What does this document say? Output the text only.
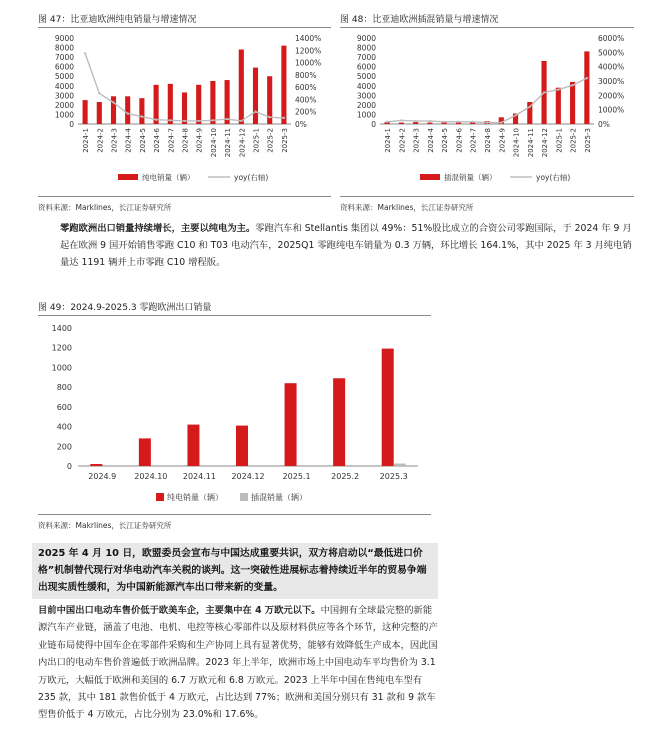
图 47：比亚迪欧洲纯电销量与增速情况
0
1000
2000
3000
4000
5000
6000
7000
8000
9000
0%
200%
400%
600%
800%
1000%
1200%
1400%
2024-1 2024-2 2024-3 2024-4 2024-5 2024-6 2024-7 2024-8 2024-9 2024-10 2024-11 2024-12 2025-1 2025-2 2025-3
纯电销量（辆）	yoy(右轴)
资料来源：Marklines，长江证券研究所
图 48：比亚迪欧洲插混销量与增速情况
0
1000
2000
3000
4000
5000
6000
7000
8000
9000
0%
1000%
2000%
3000%
4000%
5000%
6000%
2024-1 2024-2 2024-3 2024-4 2024-5 2024-6 2024-7 2024-8 2024-9 2024-10 2024-11 2024-12 2025-1 2025-2 2025-3
插混销量（辆）	yoy(右轴)
资料来源：Marklines，长江证券研究所
零跑欧洲出口销量持续增长，主要以纯电为主。零跑汽车和 Stellantis 集团以 49%：51%股比成立的合资公司零跑国际，于 2024 年 9 月起在欧洲 9 国开始销售零跑 C10 和 T03 电动汽车，2025Q1 零跑纯电车销量为 0.3 万辆，环比增长 164.1%，其中 2025 年 3 月纯电销量达 1191 辆并上市零跑 C10 增程版。
图 49：2024.9-2025.3 零跑欧洲出口销量
0
200
400
600
800
1000
1200
1400
2024.9 2024.10 2024.11 2024.12 2025.1	2025.2	2025.3
纯电销量（辆）	插混销量（辆）
资料来源：Makrlines，长江证券研究所
2025 年 4 月 10 日，欧盟委员会宣布与中国达成重要共识，双方将启动以“最低进口价格”机制替代现行对华电动汽车关税的谈判。这一突破性进展标志着持续近半年的贸易争端出现实质性缓和，为中国新能源汽车出口带来新的变量。
目前中国出口电动车售价低于欧美车企，主要集中在 4 万欧元以下。中国拥有全球最完整的新能源汽车产业链，涵盖了电池、电机、电控等核心零部件以及原材料供应等各个环节，这种完整的产业链布局使得中国车企在零部件采购和生产协同上具有显著优势，能够有效降低生产成本，因此国内出口的电动车售价普遍低于欧洲品牌。2023 年上半年，欧洲市场上中国电动车平均售价为 3.1 万欧元，大幅低于欧洲和美国的 6.7 万欧元和 6.8 万欧元。2023 上半年中国在售纯电车型有 235 款，其中 181 款售价低于 4 万欧元，占比达到 77%；欧洲和美国分别只有 31 款和 9 款车型售价低于 4 万欧元，占比分别为 23.0%和 17.6%。
